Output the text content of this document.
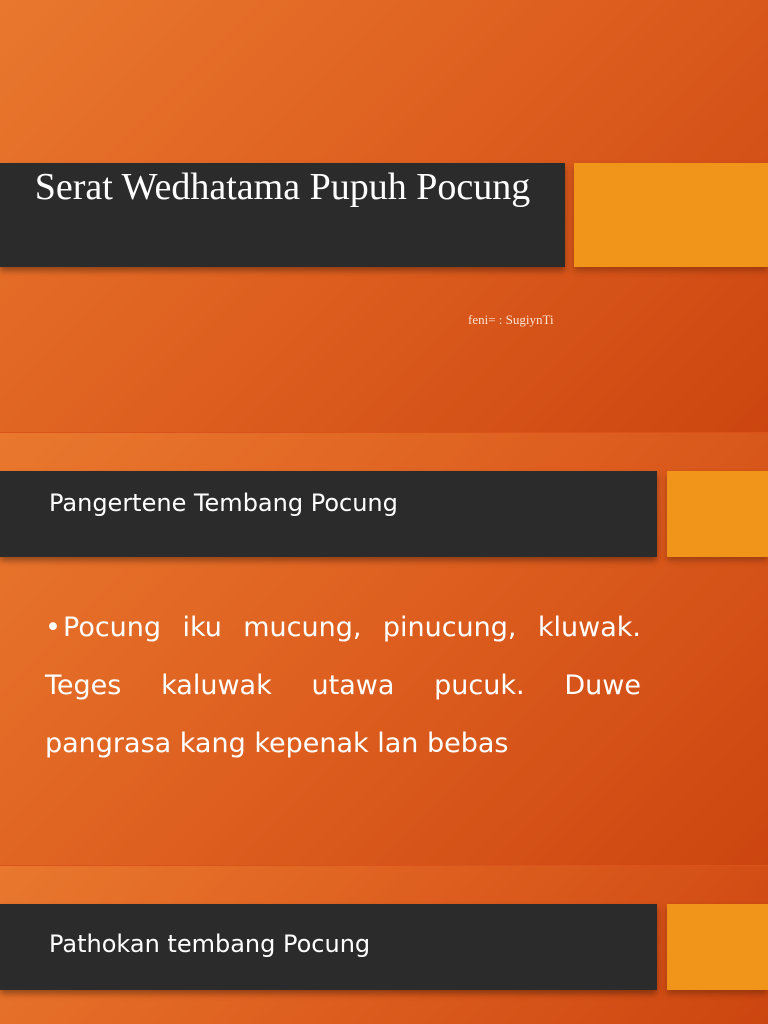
Serat Wedhatama Pupuh Pocung
feni= : SugiynTi
Pangertene Tembang Pocung
•Pocung iku mucung, pinucung, kluwak. Teges kaluwak utawa pucuk. Duwe pangrasa kang kepenak lan bebas
Pathokan tembang Pocung
